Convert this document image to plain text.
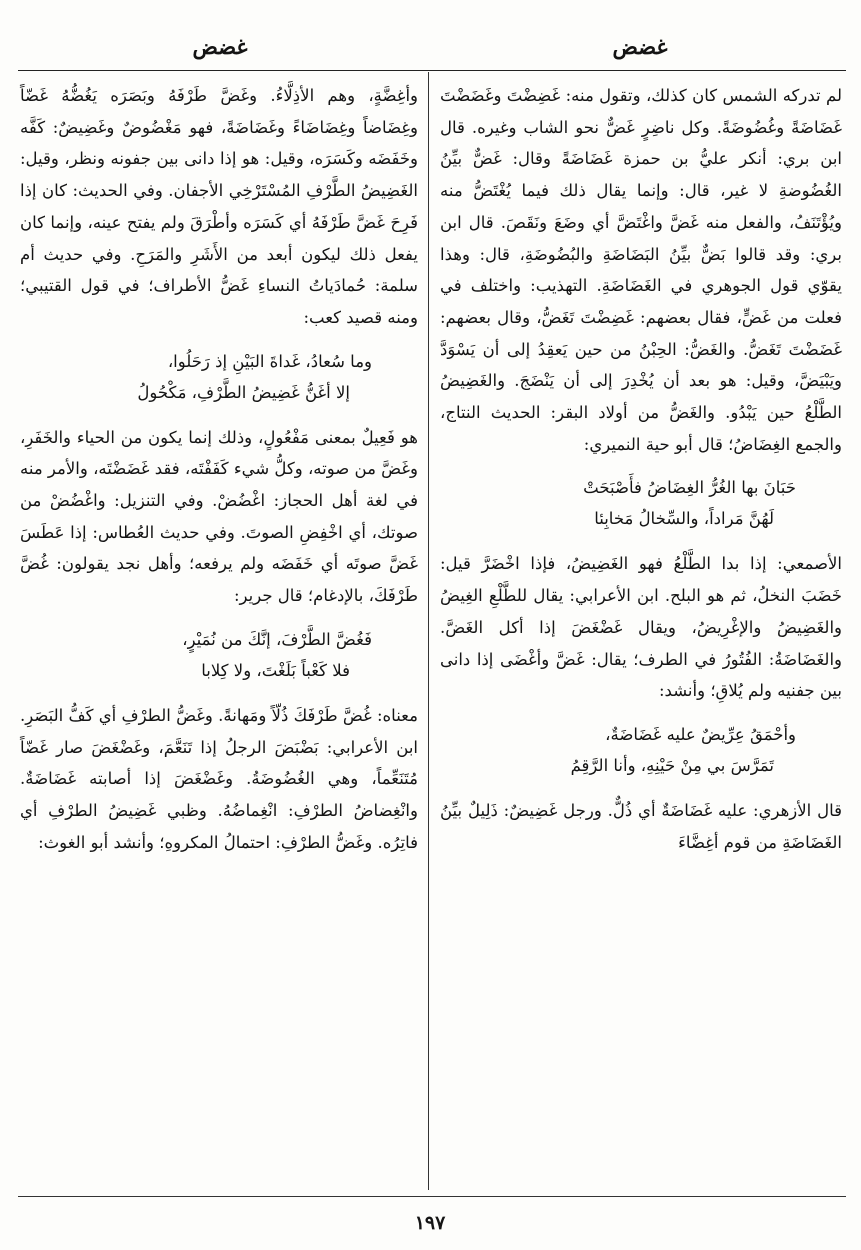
غضض
غضض

لم تدركه الشمس كان كذلك، وتقول منه: غَضِضْتَ وغَضَضْتَ غَضَاضَةً وغُضُوضَةً. وكل ناضِرٍ غَضٌّ نحو الشاب وغيره. قال ابن بري: أنكر عليُّ بن حمزة غَضَاضَةً وقال: غَضٌّ بيِّنُ الغُضُوضةِ لا غير، قال: وإنما يقال ذلك فيما يُغْتَضُّ منه ويُؤْتَنَفُ، والفعل منه غَضَّ واغْتَضَّ أي وضَعَ ونَقَصَ. قال ابن بري: وقد قالوا بَضٌّ بيِّنُ البَضَاضَةِ والبُضُوضَةِ، قال: وهذا يقوّي قول الجوهري في الغَضَاضَةِ. التهذيب: واختلف في فعلت من غَضٍّ، فقال بعضهم: غَضِضْتَ تَغَضُّ، وقال بعضهم: غَضَضْتَ تَغَضُّ. والغَضُّ: الحِبْنُ من حين يَعقِدُ إلى أن يَسْوَدَّ ويَبْيَضَّ، وقيل: هو بعد أن يُخْدِرَ إلى أن يَنْضَجَ. والغَضِيضُ الطَّلْعُ حين يَبْدُو. والغَضُّ من أولاد البقر: الحديث النتاج، والجمع الغِضَاضُ؛ قال أبو حية النميري:

حَبَانَ بها الغُرُّ الغِضَاضُ فأَصْبَحَتْ
لَهُنَّ مَراداً، والسِّخالُ مَخابِئا

الأصمعي: إذا بدا الطَّلْعُ فهو الغَضِيضُ، فإذا اخْضَرَّ قيل: خَضَبَ النخلُ، ثم هو البلح. ابن الأعرابي: يقال للطَّلْعِ الغِيضُ والغَضِيضُ والإغْرِيضُ، ويقال غَضْغَضَ إذا أكل الغَضَّ. والغَضَاضَةُ: الفُتُورُ في الطرف؛ يقال: غَضَّ وأغْضَى إذا دانى بين جفنيه ولم يُلاقِ؛ وأنشد:

وأحْمَقُ عِرِّيضٌ عليه غَضَاضَةٌ،
تَمَرَّسَ بي مِنْ حَيْنِهِ، وأنا الرَّقِمُ

قال الأزهري: عليه غَضَاضَةٌ أي ذُلٌّ. ورجل غَضِيضٌ: ذَلِيلٌ بيِّنُ الغَضَاضَةِ من قوم أغِضَّاءَ

وأغِضَّةٍ، وهم الأذِلَّاءُ. وغَضَّ طَرْفَهُ وبَصَرَه يَغُضُّهُ غَضّاً وغِضَاضاً وغِضَاضَاءً وغَضَاضَةً، فهو مَغْضُوضٌ وغَضِيضٌ: كَفَّه وخَفَضَه وكَسَرَه، وقيل: هو إذا دانى بين جفونه ونظر، وقيل: الغَضِيضُ الطَّرْفِ المُسْتَرْخِي الأجفان. وفي الحديث: كان إذا فَرِحَ غَضَّ طَرْفَهُ أي كَسَرَه وأطْرَقَ ولم يفتح عينه، وإنما كان يفعل ذلك ليكون أبعد من الأَشَرِ والمَرَحِ. وفي حديث أم سلمة: حُمادَياتُ النساءِ غَضُّ الأطراف؛ في قول القتيبي؛ ومنه قصيد كعب:

وما سُعادُ، غَداةَ البَيْنِ إذ رَحَلُوا،
إلا أغَنُّ غَضِيضُ الطَّرْفِ، مَكْحُولُ

هو فَعِيلٌ بمعنى مَفْعُولٍ، وذلك إنما يكون من الحياء والخَفَرِ، وغَضَّ من صوته، وكلُّ شيء كَفَفْتَه، فقد غَضَضْتَه، والأمر منه في لغة أهل الحجاز: اغْضُضْ. وفي التنزيل: واغْضُضْ من صوتك، أي اخْفِضِ الصوتَ. وفي حديث العُطاس: إذا عَطَسَ غَضَّ صوتَه أي خَفَضَه ولم يرفعه؛ وأهل نجد يقولون: غُضَّ طَرْفَكَ، بالإدغام؛ قال جرير:

فَغُضَّ الطَّرْفَ، إنَّكَ من نُمَيْرٍ،
فلا كَعْباً بَلَغْتَ، ولا كِلابا

معناه: غُضَّ طَرْفَكَ ذُلّاً ومَهانةً. وغَضُّ الطرْفِ أي كَفُّ البَصَرِ. ابن الأعرابي: بَضْبَضَ الرجلُ إذا تَنَعَّمَ، وغَضْغَضَ صار غَضّاً مُتَنَعِّماً، وهي الغُضُوضَةُ. وغَضْغَضَ إذا أصابته غَضَاضَةٌ. وانْغِضاضُ الطرْفِ: انْغِماضُهُ. وظبي غَضِيضُ الطرْفِ أي فاتِرُه. وغَضُّ الطرْفِ: احتمالُ المكروهِ؛ وأنشد أبو الغوث:

١٩٧
